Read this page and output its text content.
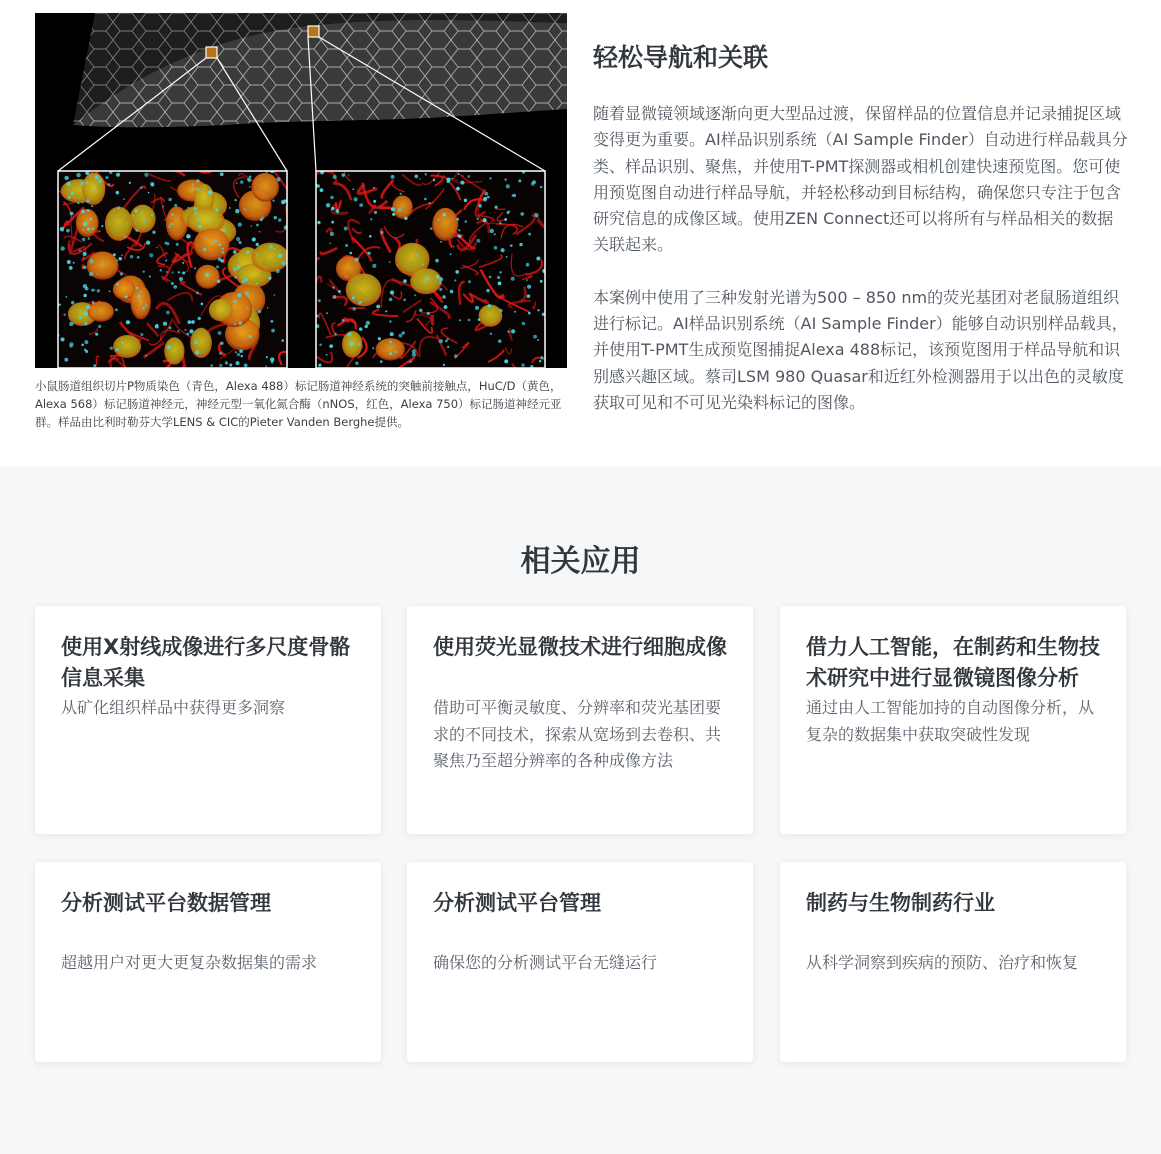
小鼠肠道组织切片P物质染色（青色，Alexa 488）标记肠道神经系统的突触前接触点，HuC/D（黄色，Alexa 568）标记肠道神经元，神经元型一氧化氮合酶（nNOS，红色，Alexa 750）标记肠道神经元亚群。样品由比利时勒芬大学LENS & CIC的Pieter Vanden Berghe提供。
轻松导航和关联

随着显微镜领域逐渐向更大型品过渡，保留样品的位置信息并记录捕捉区域变得更为重要。AI样品识别系统（AI Sample Finder）自动进行样品载具分类、样品识别、聚焦，并使用T-PMT探测器或相机创建快速预览图。您可使用预览图自动进行样品导航，并轻松移动到目标结构，确保您只专注于包含研究信息的成像区域。使用ZEN Connect还可以将所有与样品相关的数据关联起来。

本案例中使用了三种发射光谱为500 – 850 nm的荧光基团对老鼠肠道组织进行标记。AI样品识别系统（AI Sample Finder）能够自动识别样品载具，并使用T-PMT生成预览图捕捉Alexa 488标记，该预览图用于样品导航和识别感兴趣区域。蔡司LSM 980 Quasar和近红外检测器用于以出色的灵敏度获取可见和不可见光染料标记的图像。

相关应用
使用X射线成像进行多尺度骨骼信息采集
从矿化组织样品中获得更多洞察
使用荧光显微技术进行细胞成像
借助可平衡灵敏度、分辨率和荧光基团要求的不同技术，探索从宽场到去卷积、共聚焦乃至超分辨率的各种成像方法
借力人工智能，在制药和生物技术研究中进行显微镜图像分析
通过由人工智能加持的自动图像分析，从复杂的数据集中获取突破性发现
分析测试平台数据管理
超越用户对更大更复杂数据集的需求
分析测试平台管理
确保您的分析测试平台无缝运行
制药与生物制药行业
从科学洞察到疾病的预防、治疗和恢复
